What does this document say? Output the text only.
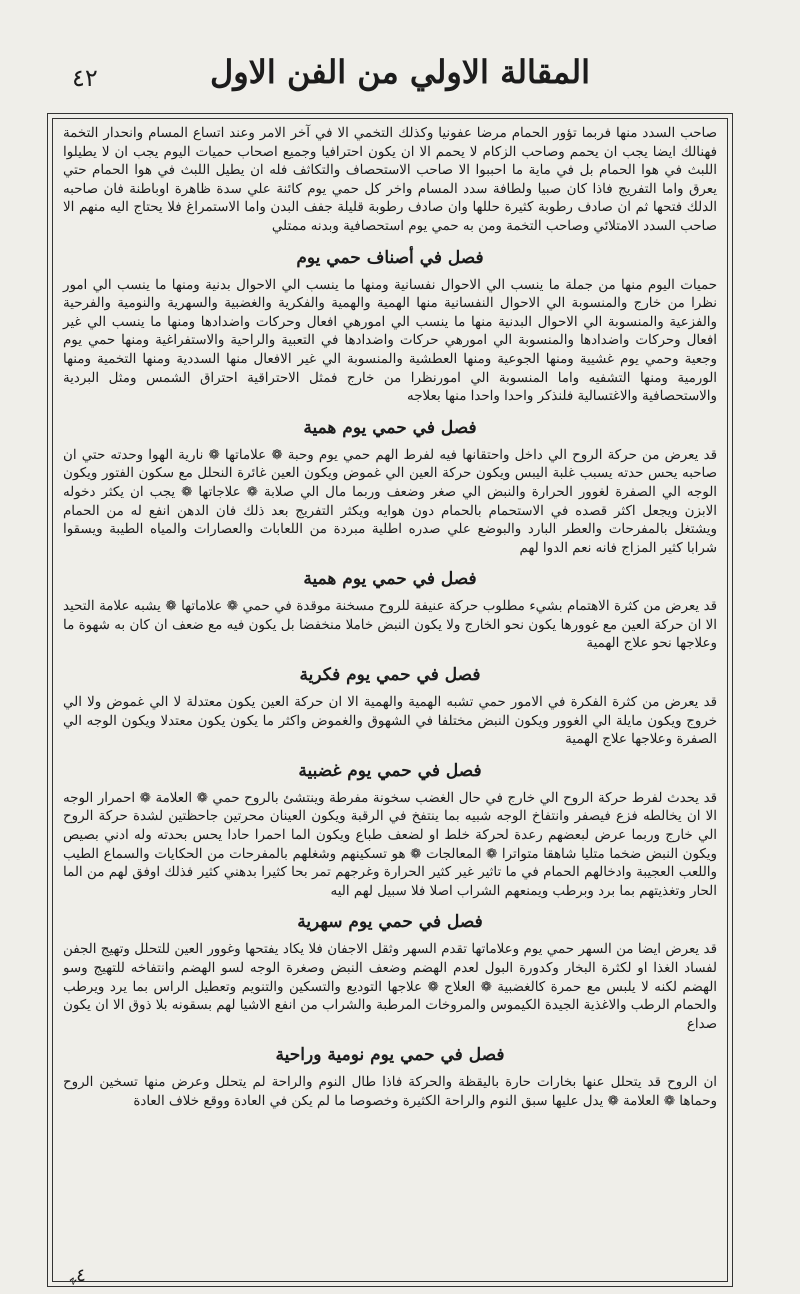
المقالة الاولي من الفن الاول
٤٢
صاحب السدد منها فربما تؤور الحمام مرضا عفونيا وكذلك التخمي الا في آخر الامر وعند اتساع المسام وانحدار التخمة فهنالك ايضا يجب ان يحمم وصاحب الزكام لا يحمم الا ان يكون احترافيا وجميع اصحاب حميات اليوم يجب ان لا يطيلوا اللبث في هوا الحمام بل في ماية ما احببوا الا صاحب الاستحصاف والتكاثف فله ان يطيل اللبث في هوا الحمام حتي يعرق واما التفريج فاذا كان صبيا ولطافة سدد المسام واخر كل حمي يوم كائنة علي سدة ظاهرة اوباطنة فان صاحبه الدلك فتحها ثم ان صادف رطوبة كثيرة حللها وان صادف رطوبة قليلة جفف البدن واما الاستمراغ فلا يحتاج اليه منهم الا صاحب السدد الامتلائي وصاحب التخمة ومن به حمي يوم استحصافية وبدنه ممتلي
فصل في أصناف حمي يوم
حميات اليوم منها من جملة ما ينسب الي الاحوال نفسانية ومنها ما ينسب الي الاحوال بدنية ومنها ما ينسب الي امور نظرا من خارج والمنسوبة الي الاحوال النفسانية منها الهمية والهمية والفكرية والغضبية والسهرية والنومية والفرحية والفزعية والمنسوبة الي الاحوال البدنية منها ما ينسب الي امورهي افعال وحركات واضدادها ومنها ما ينسب الي غير افعال وحركات واضدادها والمنسوبة الي امورهي حركات واضدادها في التعبية والراحية والاستفراغية ومنها حمي يوم وجعية وحمي يوم غشيية ومنها الجوعية ومنها العطشية والمنسوبة الي غير الافعال منها السددية ومنها التخمية ومنها الورمية ومنها التشفيه واما المنسوبة الي امورنظرا من خارج فمثل الاحتراقية احتراق الشمس ومثل البردية والاستحصافية والاغتسالية فلنذكر واحدا واحدا منها بعلاجه
فصل في حمي يوم همية
قد يعرض من حركة الروح الي داخل واحتقانها فيه لفرط الهم حمي يوم وحبة ❁ علاماتها ❁ نارية الهوا وحدته حتي ان صاحبه يحس حدته يسبب غلبة اليبس ويكون حركة العين الي غموض ويكون العين غائرة النحلل مع سكون الفتور ويكون الوجه الي الصفرة لغوور الحرارة والنبض الي صغر وضعف وربما مال الي صلابة ❁ علاجاتها ❁ يجب ان يكثر دخوله الابزن ويجعل اكثر قصده في الاستحمام بالحمام دون هوايه ويكثر التفريج بعد ذلك فان الدهن انفع له من الحمام ويشتغل بالمفرحات والعطر البارد والبوضع علي صدره اطلية مبردة من اللعابات والعصارات والمياه الطيبة ويسقوا شرابا كثير المزاج فانه نعم الدوا لهم
فصل في حمي يوم همية
قد يعرض من كثرة الاهتمام بشيء مطلوب حركة عنيفة للروح مسخنة موقدة في حمي ❁ علاماتها ❁ يشبه علامة التحيد الا ان حركة العين مع غوورها يكون نحو الخارج ولا يكون النبض خاملا منخفضا بل يكون فيه مع ضعف ان كان به شهوة ما وعلاجها نحو علاج الهمية
فصل في حمي يوم فكرية
قد يعرض من كثرة الفكرة في الامور حمي تشبه الهمية والهمية الا ان حركة العين يكون معتدلة لا الي غموض ولا الي خروج ويكون مايلة الي الغوور ويكون النبض مختلفا في الشهوق والغموض واكثر ما يكون يكون معتدلا ويكون الوجه الي الصفرة وعلاجها علاج الهمية
فصل في حمي يوم غضبية
قد يحدث لفرط حركة الروح الي خارج في حال الغضب سخونة مفرطة وينتشئ بالروح حمي ❁ العلامة ❁ احمرار الوجه الا ان يخالطه فزع فيصفر وانتفاخ الوجه شبيه بما ينتفخ في الرقبة ويكون العينان محرتين جاحظتين لشدة حركة الروح الي خارج وربما عرض لبعضهم رعدة لحركة خلط او لضعف طباع ويكون الما احمرا حادا يحس بحدته وله ادني بصيص ويكون النبض ضخما متليا شاهقا متواترا ❁ المعالجات ❁ هو تسكينهم وشغلهم بالمفرحات من الحكايات والسماع الطيب واللعب العجيبة وادخالهم الحمام في ما تاثير غير كثير الحرارة وغرجهم تمر بحا كثيرا بدهني كثير فذلك اوفق لهم من الما الحار وتغذيتهم بما برد وبرطب ويمنعهم الشراب اصلا فلا سبيل لهم اليه
فصل في حمي يوم سهرية
قد يعرض ايضا من السهر حمي يوم وعلاماتها تقدم السهر وثقل الاجفان فلا يكاد يفتحها وغوور العين للتحلل وتهيج الجفن لفساد الغذا او لكثرة البخار وكدورة البول لعدم الهضم وضعف النبض وصغرة الوجه لسو الهضم وانتفاخه للتهيج وسو الهضم لكنه لا يلبس مع حمرة كالغضبية ❁ العلاج ❁ علاجها التوديع والتسكين والتنويم وتعطيل الراس بما يرد ويرطب والحمام الرطب والاغذية الجيدة الكيموس والمروخات المرطبة والشراب من انفع الاشيا لهم بسقونه بلا ذوق الا ان يكون صداع
فصل في حمي يوم نومية وراحية
ان الروح قد يتحلل عنها بخارات حارة باليقظة والحركة فاذا طال النوم والراحة لم يتحلل وعرض منها تسخين الروح وحماها ❁ العلامة ❁ يدل عليها سبق النوم والراحة الكثيرة وخصوصا ما لم يكن في العادة ووقع خلاف العادة
٤ﮩ
